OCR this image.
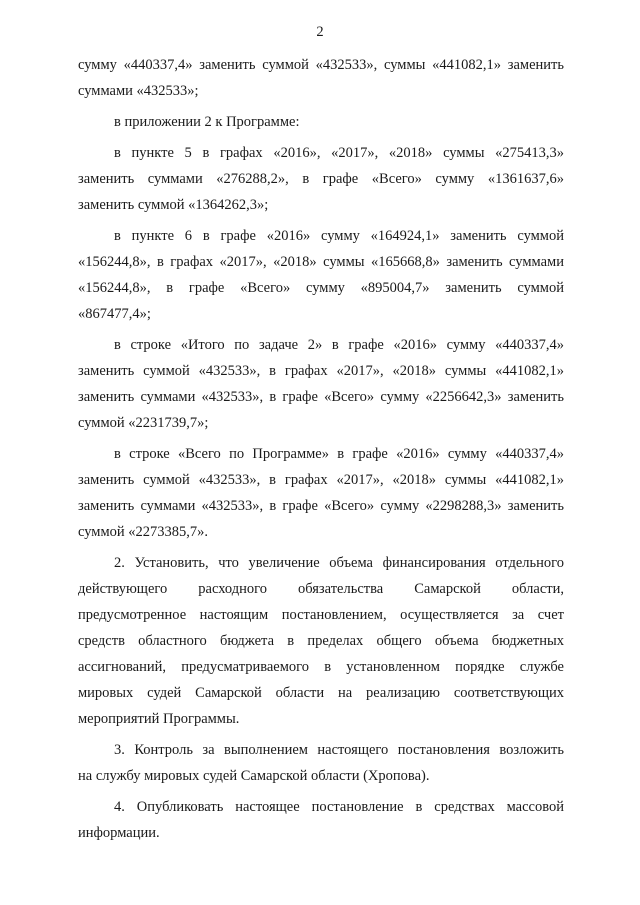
2
сумму «440337,4» заменить суммой «432533», суммы «441082,1» заменить
суммами «432533»;
в приложении 2 к Программе:
в пункте 5 в графах «2016», «2017», «2018» суммы «275413,3»
заменить суммами «276288,2», в графе «Всего» сумму «1361637,6»
заменить суммой «1364262,3»;
в пункте 6 в графе «2016» сумму «164924,1» заменить суммой
«156244,8», в графах «2017», «2018» суммы «165668,8» заменить суммами
«156244,8», в графе «Всего» сумму «895004,7» заменить суммой
«867477,4»;
в строке «Итого по задаче 2» в графе «2016» сумму «440337,4»
заменить суммой «432533», в графах «2017», «2018» суммы «441082,1»
заменить суммами «432533», в графе «Всего» сумму «2256642,3» заменить
суммой «2231739,7»;
в строке «Всего по Программе» в графе «2016» сумму «440337,4»
заменить суммой «432533», в графах «2017», «2018» суммы «441082,1»
заменить суммами «432533», в графе «Всего» сумму «2298288,3» заменить
суммой «2273385,7».
2. Установить, что увеличение объема финансирования отдельного
действующего расходного обязательства Самарской области,
предусмотренное настоящим постановлением, осуществляется за счет
средств областного бюджета в пределах общего объема бюджетных
ассигнований, предусматриваемого в установленном порядке службе
мировых судей Самарской области на реализацию соответствующих
мероприятий Программы.
3. Контроль за выполнением настоящего постановления возложить
на службу мировых судей Самарской области (Хропова).
4. Опубликовать настоящее постановление в средствах массовой
информации.
